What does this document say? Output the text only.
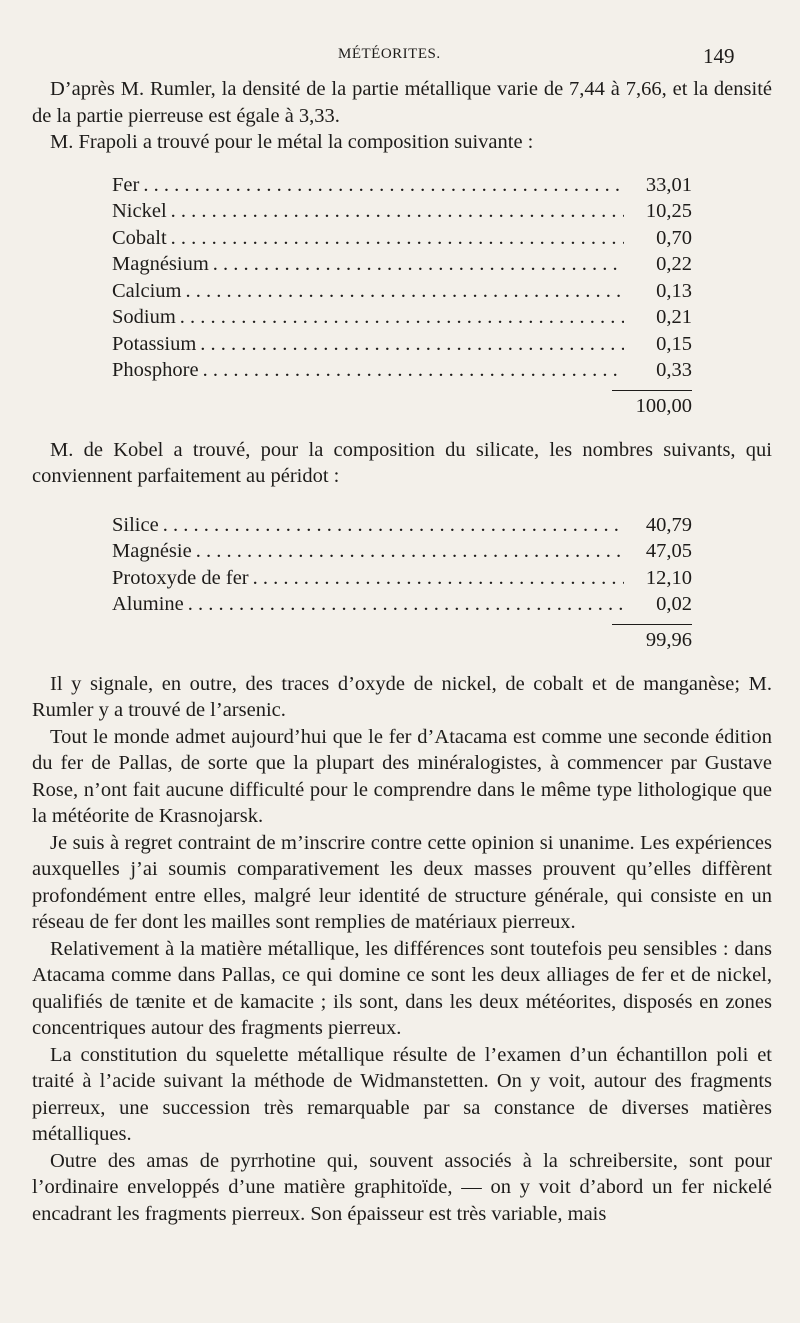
MÉTÉORITES.	149

D’après M. Rumler, la densité de la partie métallique varie de 7,44 à 7,66, et la densité de la partie pierreuse est égale à 3,33.

M. Frapoli a trouvé pour le métal la composition suivante :

Fer . . .	33,01
Nickel . . .	10,25
Cobalt . . .	0,70
Magnésium . . .	0,22
Calcium . . .	0,13
Sodium . . .	0,21
Potassium . . .	0,15
Phosphore . . .	0,33
100,00

M. de Kobel a trouvé, pour la composition du silicate, les nombres suivants, qui conviennent parfaitement au péridot :

Silice . . .	40,79
Magnésie . . .	47,05
Protoxyde de fer . . .	12,10
Alumine . . .	0,02
99,96

Il y signale, en outre, des traces d’oxyde de nickel, de cobalt et de manganèse; M. Rumler y a trouvé de l’arsenic.

Tout le monde admet aujourd’hui que le fer d’Atacama est comme une seconde édition du fer de Pallas, de sorte que la plupart des minéralogistes, à commencer par Gustave Rose, n’ont fait aucune difficulté pour le comprendre dans le même type lithologique que la météorite de Krasnojarsk.

Je suis à regret contraint de m’inscrire contre cette opinion si unanime. Les expériences auxquelles j’ai soumis comparativement les deux masses prouvent qu’elles diffèrent profondément entre elles, malgré leur identité de structure générale, qui consiste en un réseau de fer dont les mailles sont remplies de matériaux pierreux.

Relativement à la matière métallique, les différences sont toutefois peu sensibles : dans Atacama comme dans Pallas, ce qui domine ce sont les deux alliages de fer et de nickel, qualifiés de tænite et de kamacite ; ils sont, dans les deux météorites, disposés en zones concentriques autour des fragments pierreux.

La constitution du squelette métallique résulte de l’examen d’un échantillon poli et traité à l’acide suivant la méthode de Widmanstetten. On y voit, autour des fragments pierreux, une succession très remarquable par sa constance de diverses matières métalliques.

Outre des amas de pyrrhotine qui, souvent associés à la schreibersite, sont pour l’ordinaire enveloppés d’une matière graphitoïde, — on y voit d’abord un fer nickelé encadrant les fragments pierreux. Son épaisseur est très variable, mais
